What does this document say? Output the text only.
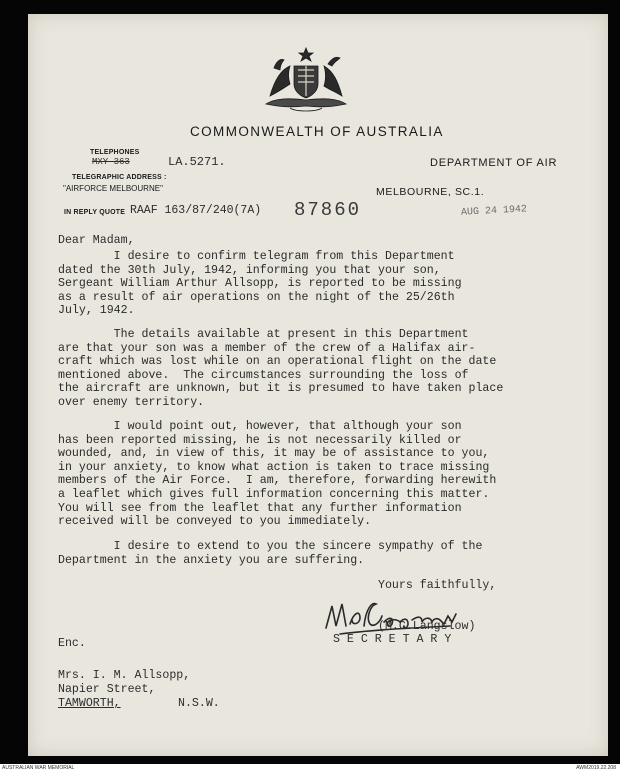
COMMONWEALTH OF AUSTRALIA
TELEPHONES
MXY 363	LA.5271.
TELEGRAPHIC ADDRESS :
"AIRFORCE MELBOURNE"
DEPARTMENT OF AIR
MELBOURNE, SC.1.
IN REPLY QUOTE RAAF 163/87/240(7A) 87860	AUG 24 1942
Dear Madam,
I desire to confirm telegram from this Department
dated the 30th July, 1942, informing you that your son,
Sergeant William Arthur Allsopp, is reported to be missing
as a result of air operations on the night of the 25/26th
July, 1942.
The details available at present in this Department
are that your son was a member of the crew of a Halifax air-
craft which was lost while on an operational flight on the date
mentioned above.  The circumstances surrounding the loss of
the aircraft are unknown, but it is presumed to have taken place
over enemy territory.
I would point out, however, that although your son
has been reported missing, he is not necessarily killed or
wounded, and, in view of this, it may be of assistance to you,
in your anxiety, to know what action is taken to trace missing
members of the Air Force.  I am, therefore, forwarding herewith
a leaflet which gives full information concerning this matter.
You will see from the leaflet that any further information
received will be conveyed to you immediately.
I desire to extend to you the sincere sympathy of the
Department in the anxiety you are suffering.
Yours faithfully,
(M.C.Langslow)
S E C R E T A R Y
Enc.
Mrs. I. M. Allsopp,
Napier Street,
TAMWORTH,	N.S.W.
AUSTRALIAN WAR MEMORIAL	AWM2019.22.208
